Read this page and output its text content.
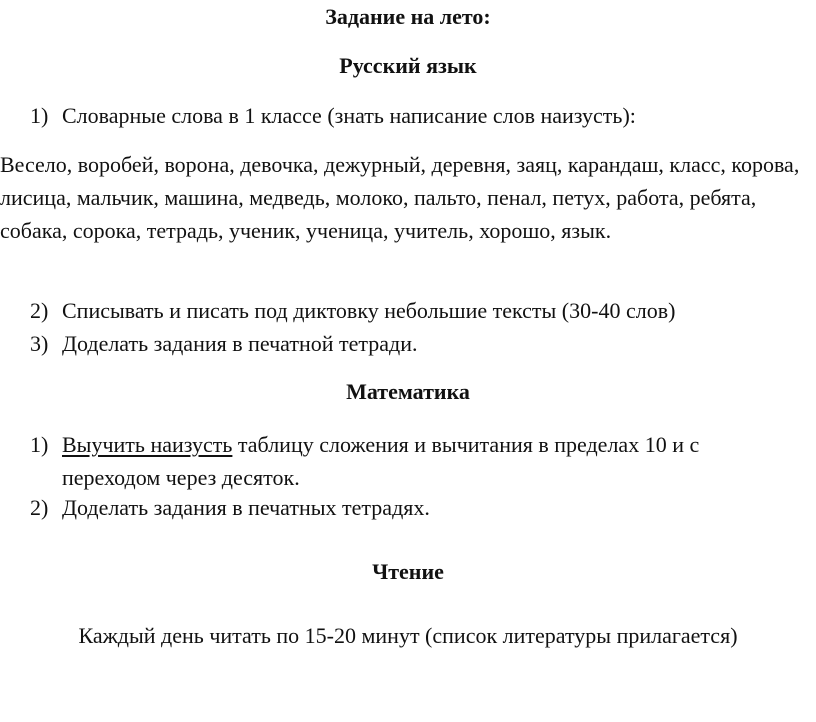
Задание на лето:
Русский язык
1) Словарные слова в 1 классе (знать написание слов наизусть):
Весело, воробей, ворона, девочка, дежурный, деревня, заяц, карандаш, класс, корова, лисица, мальчик, машина, медведь, молоко, пальто, пенал, петух, работа, ребята, собака, сорока, тетрадь, ученик, ученица, учитель, хорошо, язык.
2) Списывать и писать под диктовку небольшие тексты (30-40 слов)
3) Доделать задания в печатной тетради.
Математика
1) Выучить наизусть таблицу сложения и вычитания в пределах 10 и с переходом через десяток.
2) Доделать задания в печатных тетрадях.
Чтение
Каждый день читать по 15-20 минут (список литературы прилагается)
